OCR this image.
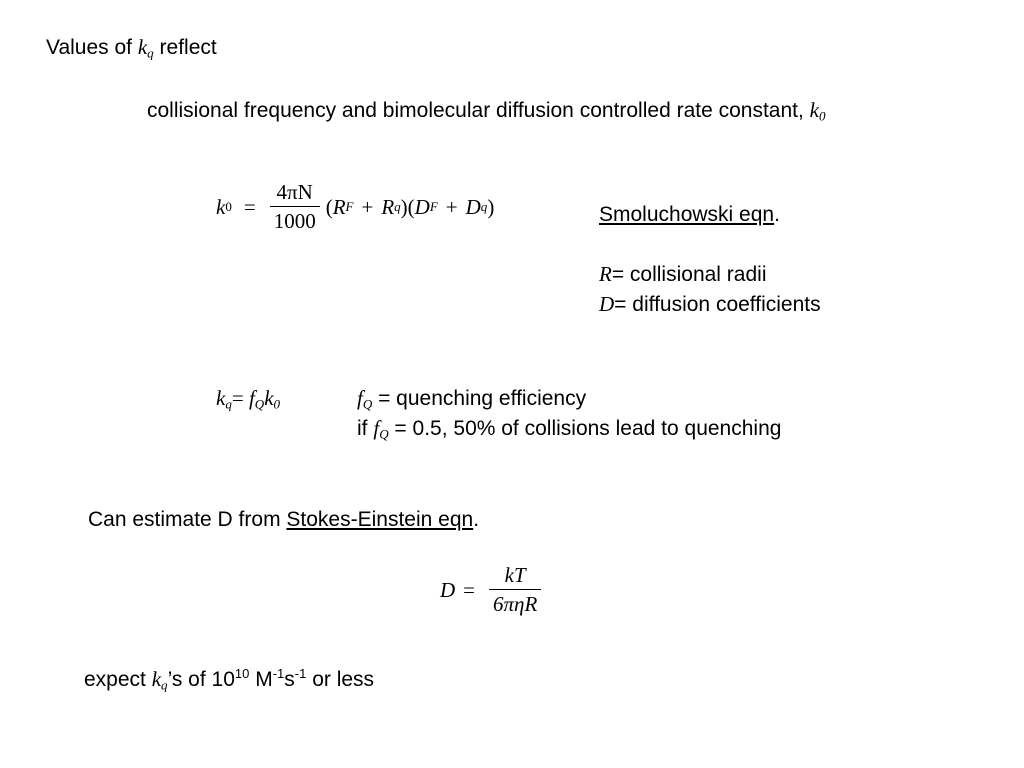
Values of $k_q$ reflect
collisional frequency and bimolecular diffusion controlled rate constant, $k_0$
k $0 = \frac{4\pi N}{1000}$ ( R F + R q )( D F + D q )	Smoluchowski eqn.
R= collisional radii
D= diffusion coefficients
$k_q= f_Qk_0$	$f_Q$ = quenching efficiency
if $f_Q = 0.5$, 50% of collisions lead to quenching
Can estimate D from Stokes-Einstein eqn.
$D = \frac{kT}{\text{6πηR}}$
expect $k_q’s$ of $10^{10}$ $M^{-1}s^{-1}$ or less
